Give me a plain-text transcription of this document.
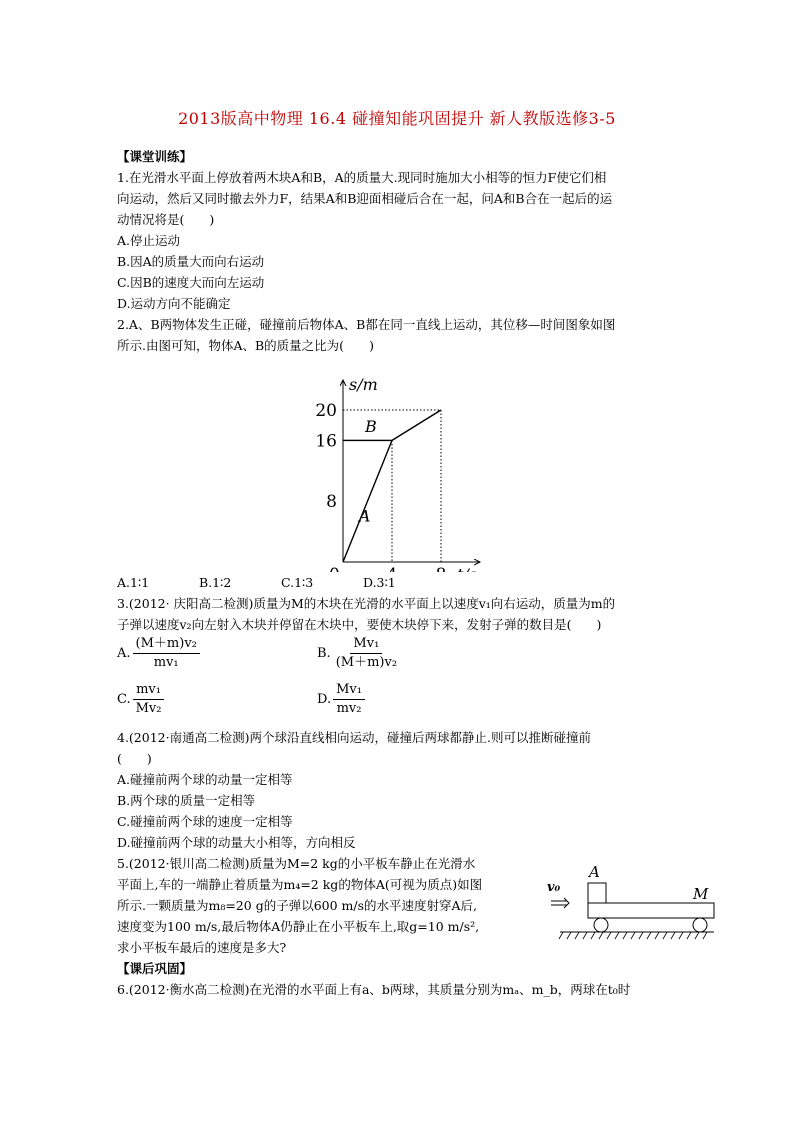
2013版高中物理 16.4 碰撞知能巩固提升 新人教版选修3-5
【课堂训练】
1.在光滑水平面上停放着两木块A和B，A的质量大.现同时施加大小相等的恒力F使它们相
向运动，然后又同时撤去外力F，结果A和B迎面相碰后合在一起，问A和B合在一起后的运
动情况将是(　　)
A.停止运动
B.因A的质量大而向右运动
C.因B的速度大而向左运动
D.运动方向不能确定
2.A、B两物体发生正碰，碰撞前后物体A、B都在同一直线上运动，其位移—时间图象如图
所示.由图可知，物体A、B的质量之比为(　　)
A
B
8
16
20
s/m
A.1∶1	B.1∶2	C.1∶3	D.3∶1
3.(2012· 庆阳高二检测)质量为M的木块在光滑的水平面上以速度v₁向右运动，质量为m的
子弹以速度v₂向左射入木块并停留在木块中，要使木块停下来，发射子弹的数目是(　　)
A. $\frac{\text{(M＋m)v₂}}{\text{mv₁}}$	B. $\frac{\text{Mv₁}}{\text{(M＋m)v₂}}$
C. $\frac{\text{mv₁}}{\text{Mv₂}}$	D. $\frac{\text{Mv₁}}{\text{mv₂}}$
4.(2012·南通高二检测)两个球沿直线相向运动，碰撞后两球都静止.则可以推断碰撞前
(　　)
A.碰撞前两个球的动量一定相等
B.两个球的质量一定相等
C.碰撞前两个球的速度一定相等
D.碰撞前两个球的动量大小相等，方向相反
5.(2012·银川高二检测)质量为M=2 kg的小平板车静止在光滑水
平面上,车的一端静止着质量为m₄=2 kg的物体A(可视为质点)如图
所示.一颗质量为m₈=20 g的子弹以600 m/s的水平速度射穿A后,
速度变为100 m/s,最后物体A仍静止在小平板车上,取g=10 m/s²,
求小平板车最后的速度是多大?
v₀
A
M
【课后巩固】
6.(2012·衡水高二检测)在光滑的水平面上有a、b两球，其质量分别为mₐ、m_b，两球在t₀时
